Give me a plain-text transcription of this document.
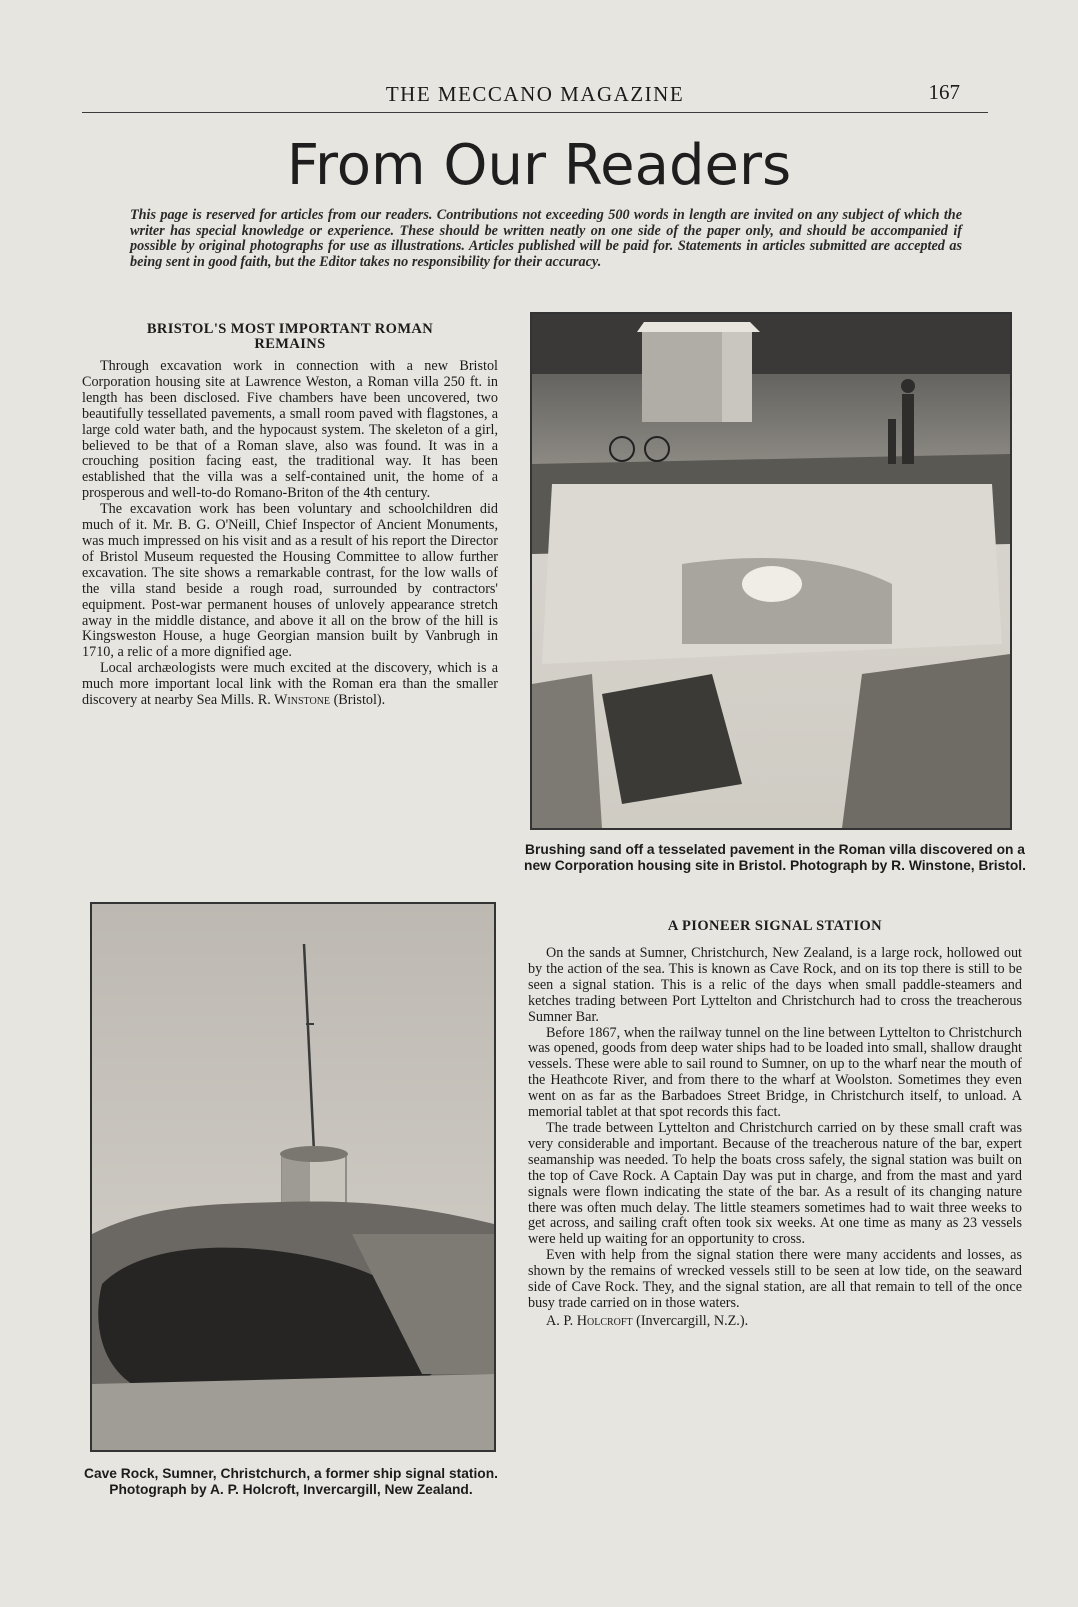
THE MECCANO MAGAZINE	167
From Our Readers
This page is reserved for articles from our readers. Contributions not exceeding 500 words in length are invited on any subject of which the writer has special knowledge or experience. These should be written neatly on one side of the paper only, and should be accompanied if possible by original photographs for use as illustrations. Articles published will be paid for. Statements in articles submitted are accepted as being sent in good faith, but the Editor takes no responsibility for their accuracy.
BRISTOL'S MOST IMPORTANT ROMAN REMAINS

Through excavation work in connection with a new Bristol Corporation housing site at Lawrence Weston, a Roman villa 250 ft. in length has been disclosed. Five chambers have been uncovered, two beautifully tessellated pavements, a small room paved with flagstones, a large cold water bath, and the hypocaust system. The skeleton of a girl, believed to be that of a Roman slave, also was found. It was in a crouching position facing east, the traditional way. It has been established that the villa was a self-contained unit, the home of a prosperous and well-to-do Romano-Briton of the 4th century.

The excavation work has been voluntary and schoolchildren did much of it. Mr. B. G. O'Neill, Chief Inspector of Ancient Monuments, was much impressed on his visit and as a result of his report the Director of Bristol Museum requested the Housing Committee to allow further excavation. The site shows a remarkable contrast, for the low walls of the villa stand beside a rough road, surrounded by contractors' equipment. Post-war permanent houses of unlovely appearance stretch away in the middle distance, and above it all on the brow of the hill is Kingsweston House, a huge Georgian mansion built by Vanbrugh in 1710, a relic of a more dignified age.

Local archæologists were much excited at the discovery, which is a much more important local link with the Roman era than the smaller discovery at nearby Sea Mills. R. Winstone (Bristol).

Brushing sand off a tesselated pavement in the Roman villa discovered on a new Corporation housing site in Bristol. Photograph by R. Winstone, Bristol.
Cave Rock, Sumner, Christchurch, a former ship signal station. Photograph by A. P. Holcroft, Invercargill, New Zealand.
A PIONEER SIGNAL STATION

On the sands at Sumner, Christchurch, New Zealand, is a large rock, hollowed out by the action of the sea. This is known as Cave Rock, and on its top there is still to be seen a signal station. This is a relic of the days when small paddle-steamers and ketches trading between Port Lyttelton and Christchurch had to cross the treacherous Sumner Bar.

Before 1867, when the railway tunnel on the line between Lyttelton to Christchurch was opened, goods from deep water ships had to be loaded into small, shallow draught vessels. These were able to sail round to Sumner, on up to the wharf near the mouth of the Heathcote River, and from there to the wharf at Woolston. Sometimes they even went on as far as the Barbadoes Street Bridge, in Christchurch itself, to unload. A memorial tablet at that spot records this fact.

The trade between Lyttelton and Christchurch carried on by these small craft was very considerable and important. Because of the treacherous nature of the bar, expert seamanship was needed. To help the boats cross safely, the signal station was built on the top of Cave Rock. A Captain Day was put in charge, and from the mast and yard signals were flown indicating the state of the bar. As a result of its changing nature there was often much delay. The little steamers sometimes had to wait three weeks to get across, and sailing craft often took six weeks. At one time as many as 23 vessels were held up waiting for an opportunity to cross.

Even with help from the signal station there were many accidents and losses, as shown by the remains of wrecked vessels still to be seen at low tide, on the seaward side of Cave Rock. They, and the signal station, are all that remain to tell of the once busy trade carried on in those waters.

A. P. Holcroft (Invercargill, N.Z.).
